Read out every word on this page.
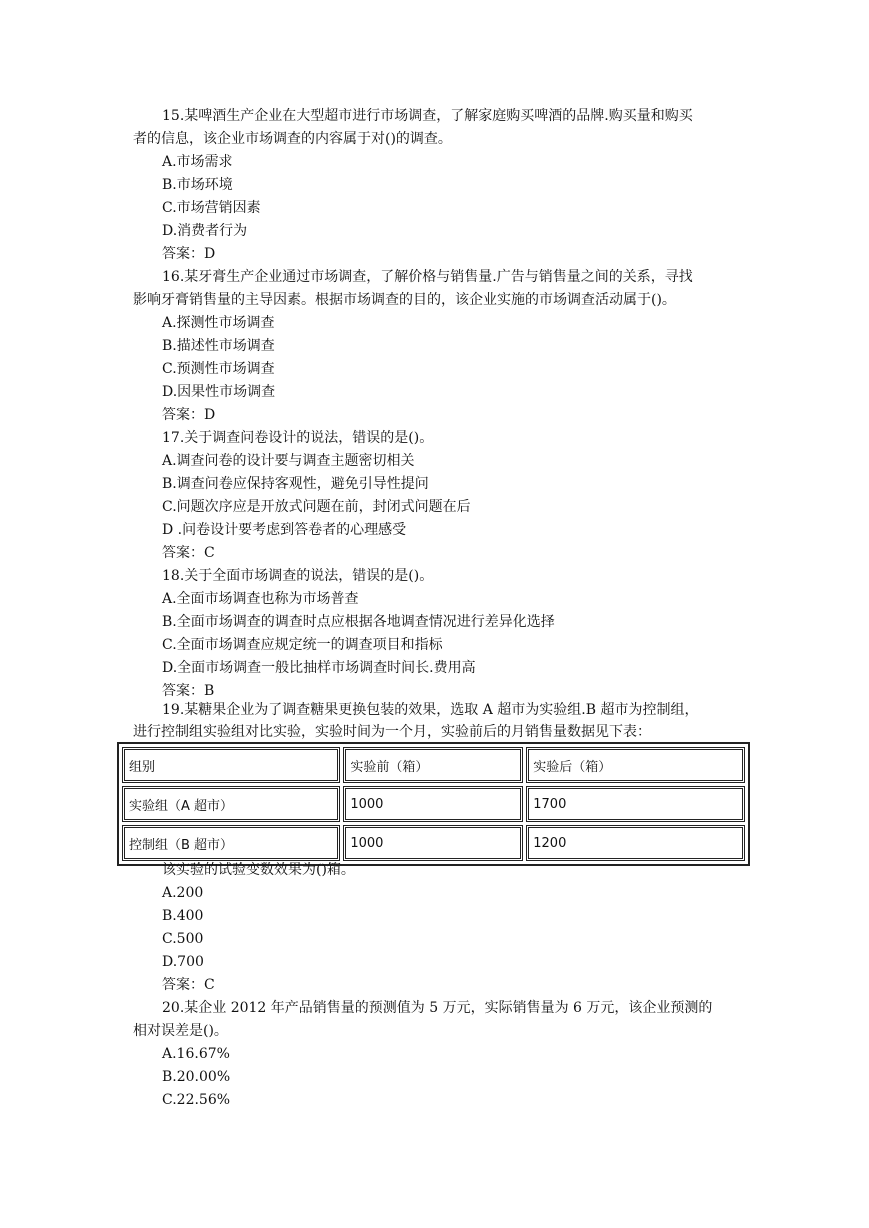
15.某啤酒生产企业在大型超市进行市场调查，了解家庭购买啤酒的品牌.购买量和购买
者的信息，该企业市场调查的内容属于对()的调查。
A.市场需求
B.市场环境
C.市场营销因素
D.消费者行为
答案：D
16.某牙膏生产企业通过市场调查，了解价格与销售量.广告与销售量之间的关系，寻找
影响牙膏销售量的主导因素。根据市场调查的目的，该企业实施的市场调查活动属于()。
A.探测性市场调查
B.描述性市场调查
C.预测性市场调查
D.因果性市场调查
答案：D
17.关于调查问卷设计的说法，错误的是()。
A.调查问卷的设计要与调查主题密切相关
B.调查问卷应保持客观性，避免引导性提问
C.问题次序应是开放式问题在前，封闭式问题在后
D .问卷设计要考虑到答卷者的心理感受
答案：C
18.关于全面市场调查的说法，错误的是()。
A.全面市场调查也称为市场普查
B.全面市场调查的调查时点应根据各地调查情况进行差异化选择
C.全面市场调查应规定统一的调查项目和指标
D.全面市场调查一般比抽样市场调查时间长.费用高
答案：B
19.某糖果企业为了调查糖果更换包装的效果，选取 A 超市为实验组.B 超市为控制组，
进行控制组实验组对比实验，实验时间为一个月，实验前后的月销售量数据见下表：
组别	实验前（箱）	实验后（箱）
实验组（A 超市）	1000	1700
控制组（B 超市）	1000	1200
该实验的试验变数效果为()箱。
A.200
B.400
C.500
D.700
答案：C
20.某企业 2012 年产品销售量的预测值为 5 万元，实际销售量为 6 万元，该企业预测的
相对误差是()。
A.16.67%
B.20.00%
C.22.56%
